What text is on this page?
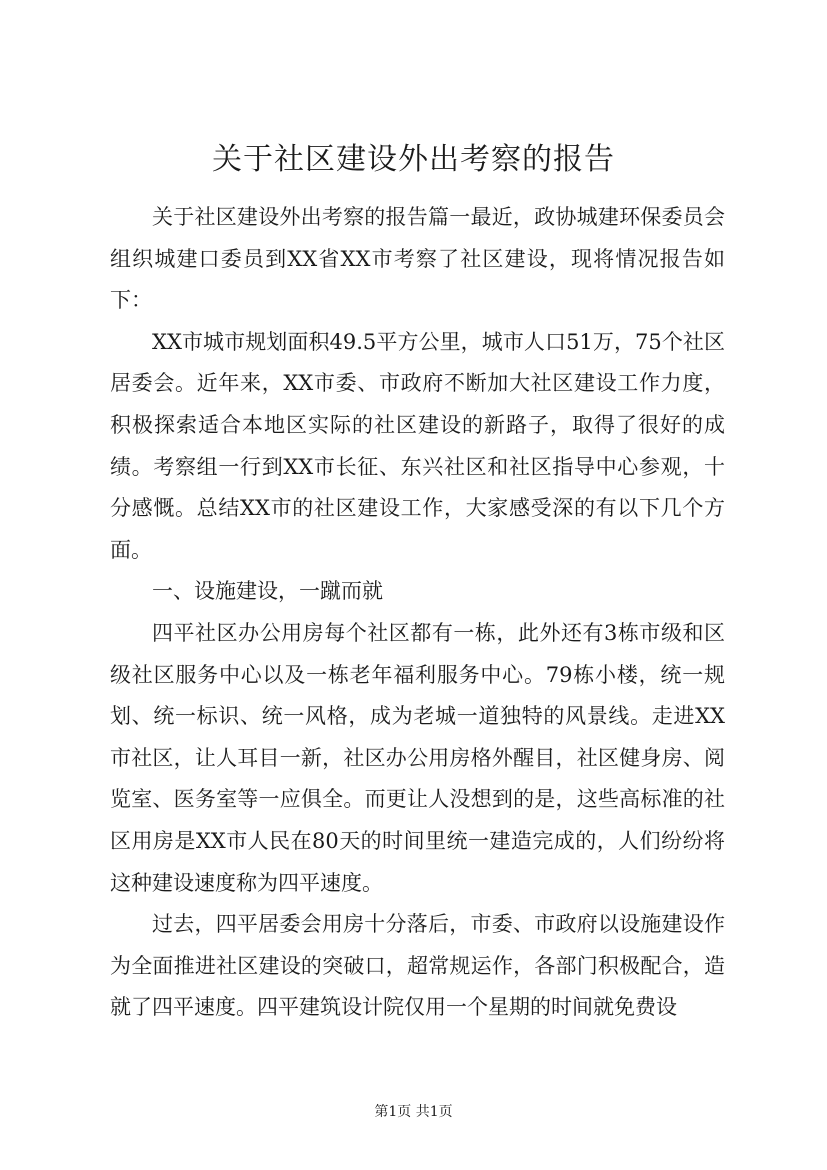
关于社区建设外出考察的报告

关于社区建设外出考察的报告篇一最近，政协城建环保委员会组织城建口委员到XX省XX市考察了社区建设，现将情况报告如下：

XX市城市规划面积49.5平方公里，城市人口51万，75个社区居委会。近年来，XX市委、市政府不断加大社区建设工作力度，积极探索适合本地区实际的社区建设的新路子，取得了很好的成绩。考察组一行到XX市长征、东兴社区和社区指导中心参观，十分感慨。总结XX市的社区建设工作，大家感受深的有以下几个方面。

一、设施建设，一蹴而就

四平社区办公用房每个社区都有一栋，此外还有3栋市级和区级社区服务中心以及一栋老年福利服务中心。79栋小楼，统一规划、统一标识、统一风格，成为老城一道独特的风景线。走进XX市社区，让人耳目一新，社区办公用房格外醒目，社区健身房、阅览室、医务室等一应俱全。而更让人没想到的是，这些高标准的社区用房是XX市人民在80天的时间里统一建造完成的，人们纷纷将这种建设速度称为四平速度。

过去，四平居委会用房十分落后，市委、市政府以设施建设作为全面推进社区建设的突破口，超常规运作，各部门积极配合，造就了四平速度。四平建筑设计院仅用一个星期的时间就免费设

第1页 共1页
